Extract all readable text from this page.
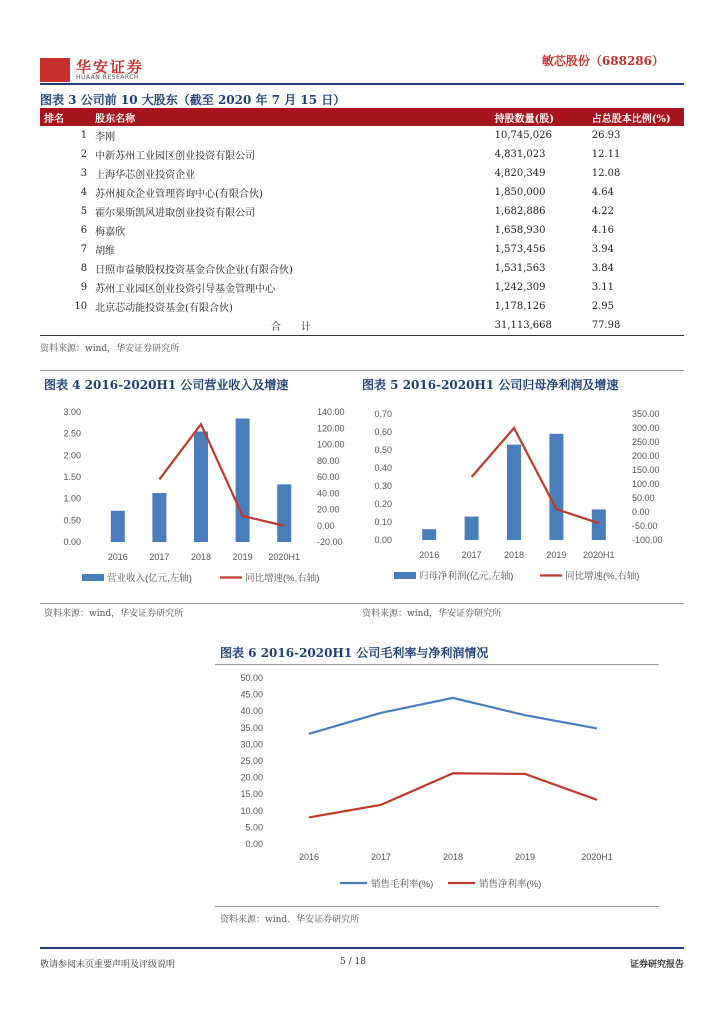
华安证券
HUAAN RESEARCH
敏芯股份（688286）
图表 3 公司前 10 大股东（截至 2020 年 7 月 15 日）
排名	股东名称	持股数量(股)	占总股本比例(%)
1	李刚	10,745,026	26.93
2	中新苏州工业园区创业投资有限公司	4,831,023	12.11
3	上海华芯创业投资企业	4,820,349	12.08
4	苏州昶众企业管理咨询中心(有限合伙)	1,850,000	4.64
5	霍尔果斯凯风进取创业投资有限公司	1,682,886	4.22
6	梅嘉欣	1,658,930	4.16
7	胡维	1,573,456	3.94
8	日照市益敏股权投资基金合伙企业(有限合伙)	1,531,563	3.84
9	苏州工业园区创业投资引导基金管理中心	1,242,309	3.11
10	北京芯动能投资基金(有限合伙)	1,178,126	2.95
	合　　计	31,113,668	77.98
资料来源：wind，华安证券研究所
图表 4 2016-2020H1 公司营业收入及增速	图表 5 2016-2020H1 公司归母净利润及增速
3.00
2.50
2.00
1.50
1.00
0.50
0.00
140.00
120.00
100.00
80.00
60.00
40.00
20.00
0.00
-20.00
2016 2017 2018 2019 2020H1
营业收入(亿元,左轴)	同比增速(%,右轴)
0.70
0.60
0.50
0.40
0.30
0.20
0.10
0.00
350.00
300.00
250.00
200.00
150.00
100.00
50.00
0.00
-50.00
-100.00
2016 2017 2018 2019 2020H1
归母净利润(亿元,左轴)	同比增速(%,右轴)
资料来源：wind，华安证券研究所	资料来源：wind，华安证券研究所
图表 6 2016-2020H1 公司毛利率与净利润情况
50.00
45.00
40.00
35.00
30.00
25.00
20.00
15.00
10.00
5.00
0.00
2016	2017	2018	2019	2020H1
销售毛利率(%)	销售净利率(%)
资料来源：wind、华安证券研究所
敬请参阅末页重要声明及评级说明	5 / 18	证券研究报告
